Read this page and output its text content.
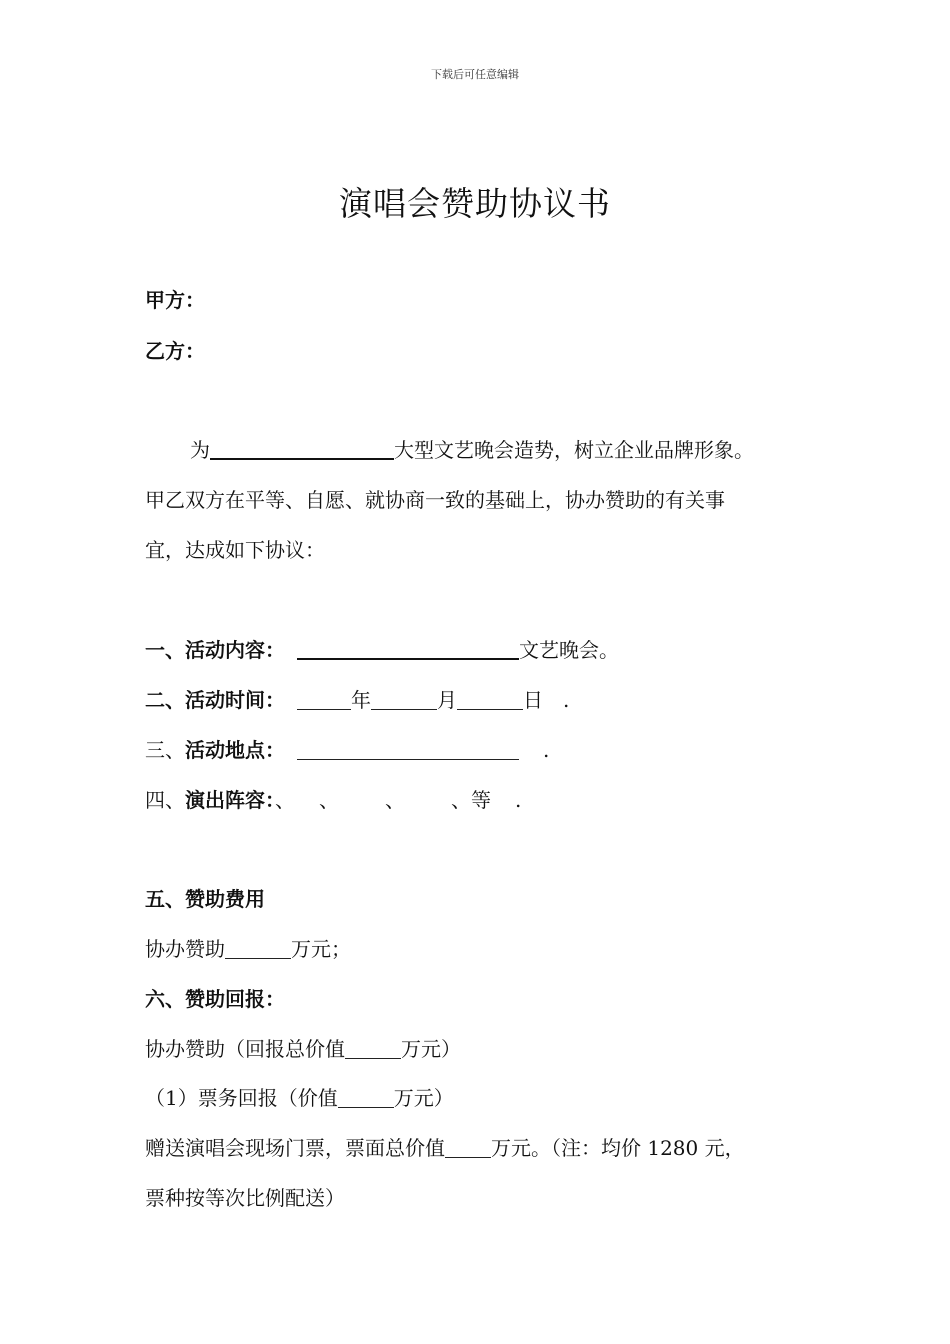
下载后可任意编辑
演唱会赞助协议书
甲方：
乙方：
为	大型文艺晚会造势，树立企业品牌形象。
甲乙双方在平等、自愿、就协商一致的基础上，协办赞助的有关事
宜，达成如下协议：
一、活动内容：	文艺晚会。
二、活动时间：	年	月	日 .
三、活动地点：	.
四、演出阵容：、 、 、 、等 .
五、赞助费用
协办赞助	万元；
六、赞助回报：
协办赞助（回报总价值	万元）
（1）票务回报（价值	万元）
赠送演唱会现场门票，票面总价值 万元。（注：均价 1280 元，
票种按等次比例配送）
